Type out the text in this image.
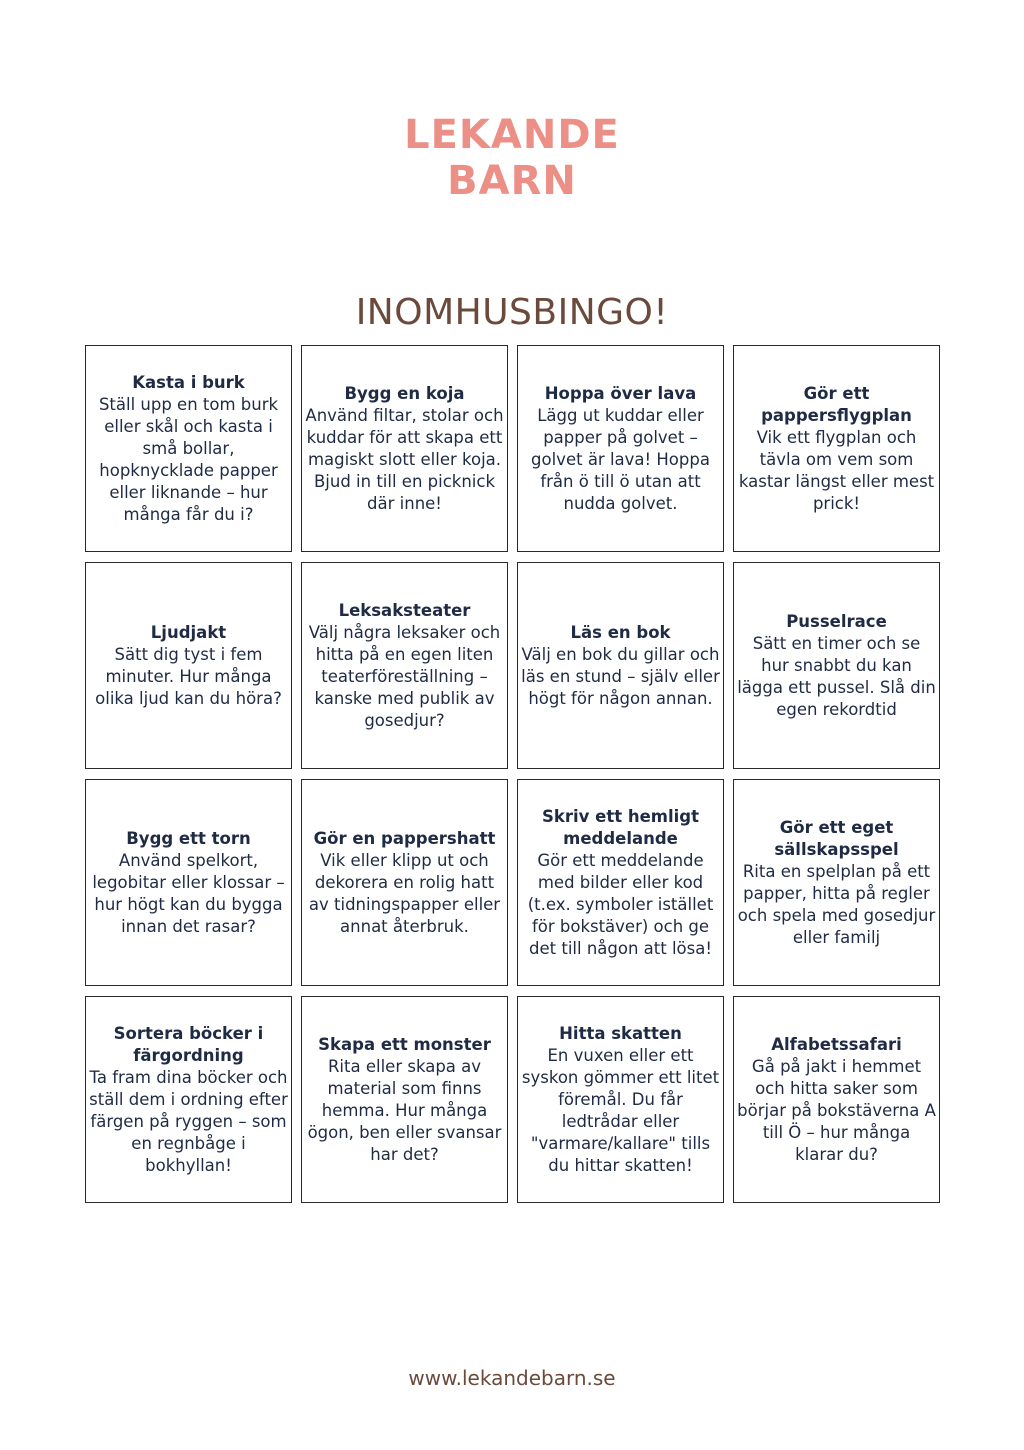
LEKANDE
BARN
INOMHUSBINGO!
Kasta i burk
Ställ upp en tom burk eller skål och kasta i små bollar, hopknycklade papper eller liknande – hur många får du i?
Bygg en koja
Använd filtar, stolar och kuddar för att skapa ett magiskt slott eller koja. Bjud in till en picknick där inne!
Hoppa över lava
Lägg ut kuddar eller papper på golvet – golvet är lava! Hoppa från ö till ö utan att nudda golvet.
Gör ett pappersflygplan
Vik ett flygplan och tävla om vem som kastar längst eller mest prick!
Ljudjakt
Sätt dig tyst i fem minuter. Hur många olika ljud kan du höra?
Leksaksteater
Välj några leksaker och hitta på en egen liten teaterföreställning – kanske med publik av gosedjur?
Läs en bok
Välj en bok du gillar och läs en stund – själv eller högt för någon annan.
Pusselrace
Sätt en timer och se hur snabbt du kan lägga ett pussel. Slå din egen rekordtid
Bygg ett torn
Använd spelkort, legobitar eller klossar – hur högt kan du bygga innan det rasar?
Gör en pappershatt
Vik eller klipp ut och dekorera en rolig hatt av tidningspapper eller annat återbruk.
Skriv ett hemligt meddelande
Gör ett meddelande med bilder eller kod (t.ex. symboler istället för bokstäver) och ge det till någon att lösa!
Gör ett eget sällskapsspel
Rita en spelplan på ett papper, hitta på regler och spela med gosedjur eller familj
Sortera böcker i färgordning
Ta fram dina böcker och ställ dem i ordning efter färgen på ryggen – som en regnbåge i bokhyllan!
Skapa ett monster
Rita eller skapa av material som finns hemma. Hur många ögon, ben eller svansar har det?
Hitta skatten
En vuxen eller ett syskon gömmer ett litet föremål. Du får ledtrådar eller "varmare/kallare" tills du hittar skatten!
Alfabetssafari
Gå på jakt i hemmet och hitta saker som börjar på bokstäverna A till Ö – hur många klarar du?
www.lekandebarn.se
